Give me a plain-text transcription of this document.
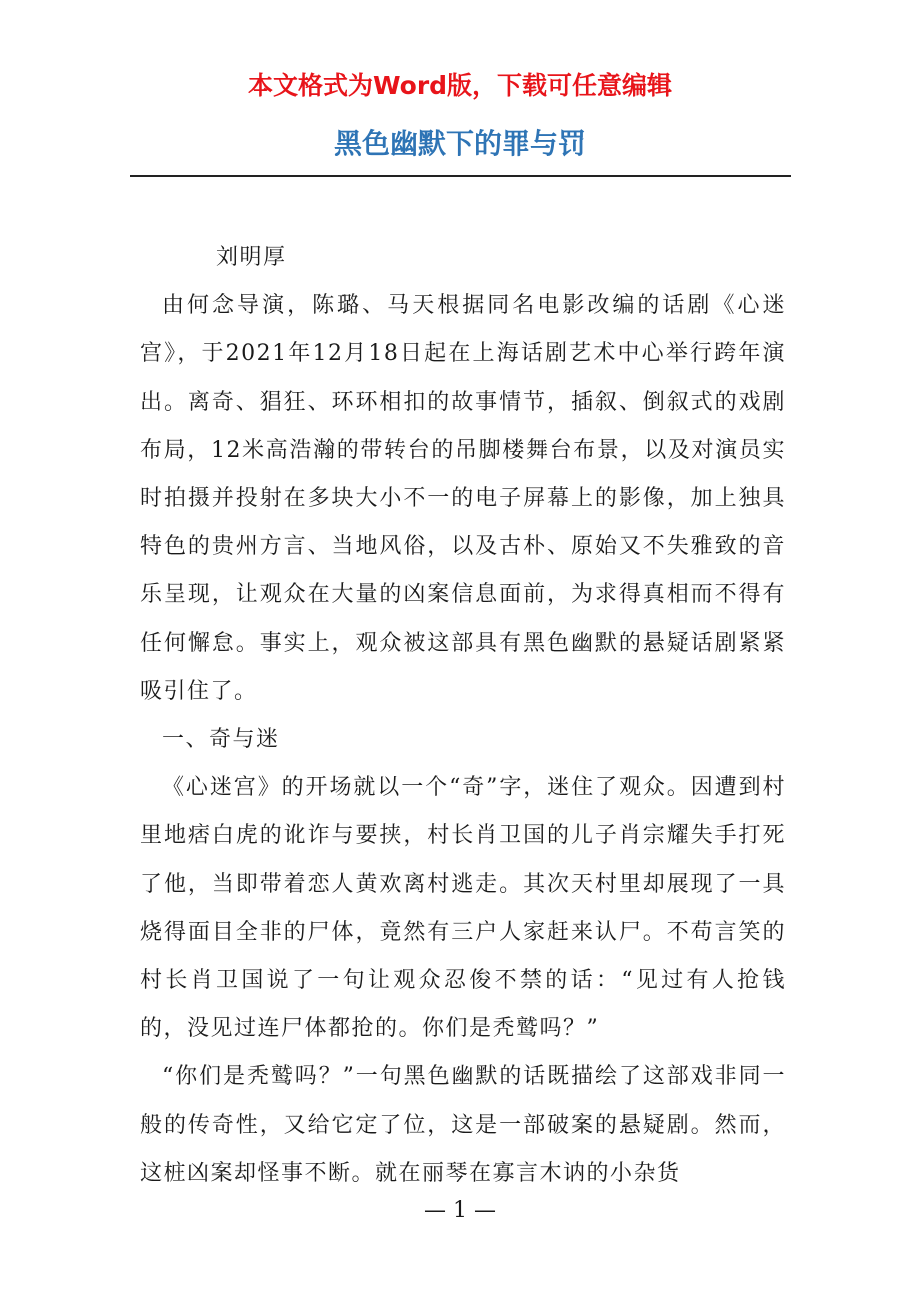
本文格式为Word版，下载可任意编辑
黑色幽默下的罪与罚

刘明厚

由何念导演，陈璐、马天根据同名电影改编的话剧《心迷宫》，于2021年12月18日起在上海话剧艺术中心举行跨年演出。离奇、猖狂、环环相扣的故事情节，插叙、倒叙式的戏剧布局，12米高浩瀚的带转台的吊脚楼舞台布景，以及对演员实时拍摄并投射在多块大小不一的电子屏幕上的影像，加上独具特色的贵州方言、当地风俗，以及古朴、原始又不失雅致的音乐呈现，让观众在大量的凶案信息面前，为求得真相而不得有任何懈怠。事实上，观众被这部具有黑色幽默的悬疑话剧紧紧吸引住了。

一、奇与迷

《心迷宫》的开场就以一个“奇”字，迷住了观众。因遭到村里地痞白虎的讹诈与要挟，村长肖卫国的儿子肖宗耀失手打死了他，当即带着恋人黄欢离村逃走。其次天村里却展现了一具烧得面目全非的尸体，竟然有三户人家赶来认尸。不苟言笑的村长肖卫国说了一句让观众忍俊不禁的话：“见过有人抢钱的，没见过连尸体都抢的。你们是秃鹫吗？”

“你们是秃鹫吗？”一句黑色幽默的话既描绘了这部戏非同一般的传奇性，又给它定了位，这是一部破案的悬疑剧。然而，这桩凶案却怪事不断。就在丽琴在寡言木讷的小杂货

— 1 —
